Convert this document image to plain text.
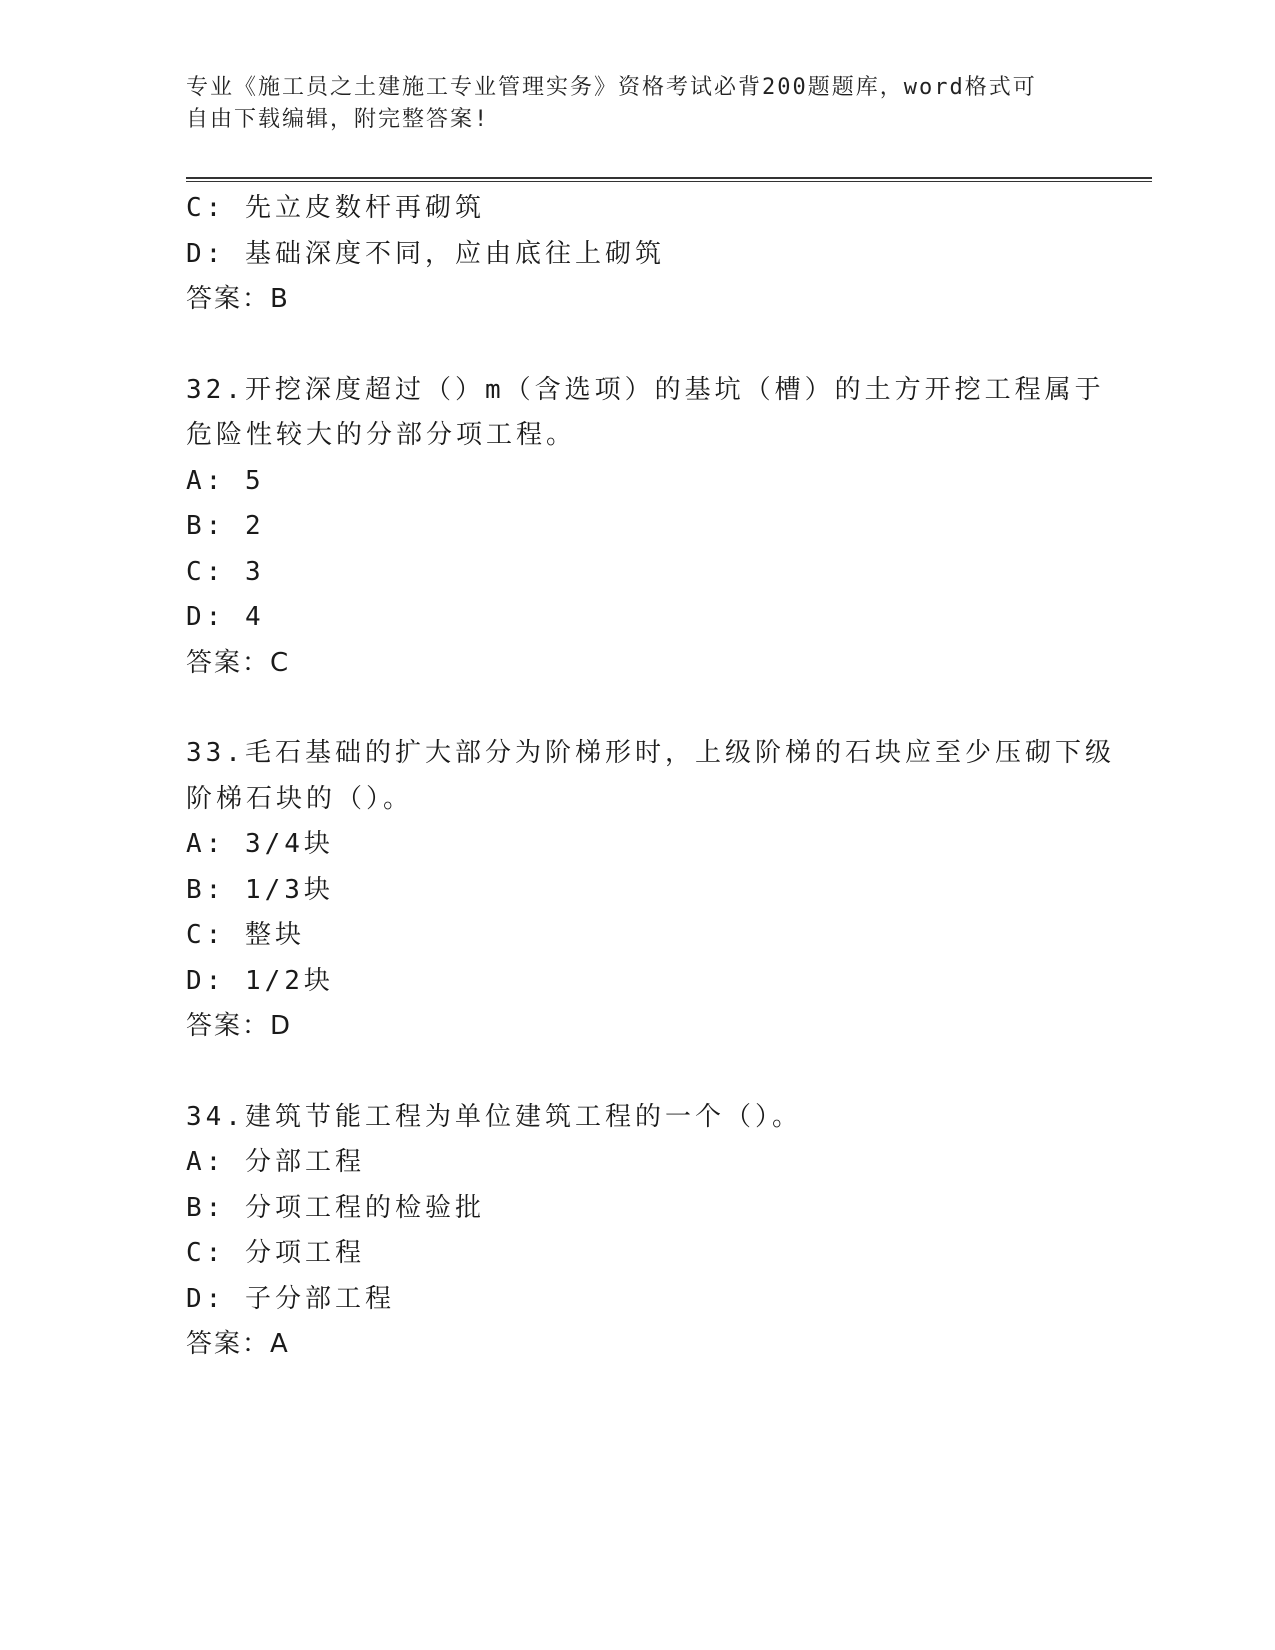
专业《施工员之土建施工专业管理实务》资格考试必背200题题库，word格式可
自由下载编辑，附完整答案!
C: 先立皮数杆再砌筑
D: 基础深度不同，应由底往上砌筑
答案：B
32.开挖深度超过（）m（含选项）的基坑（槽）的土方开挖工程属于
危险性较大的分部分项工程。
A: 5
B: 2
C: 3
D: 4
答案：C
33.毛石基础的扩大部分为阶梯形时，上级阶梯的石块应至少压砌下级
阶梯石块的（）。
A: 3/4块
B: 1/3块
C: 整块
D: 1/2块
答案：D
34.建筑节能工程为单位建筑工程的一个（）。
A: 分部工程
B: 分项工程的检验批
C: 分项工程
D: 子分部工程
答案：A
